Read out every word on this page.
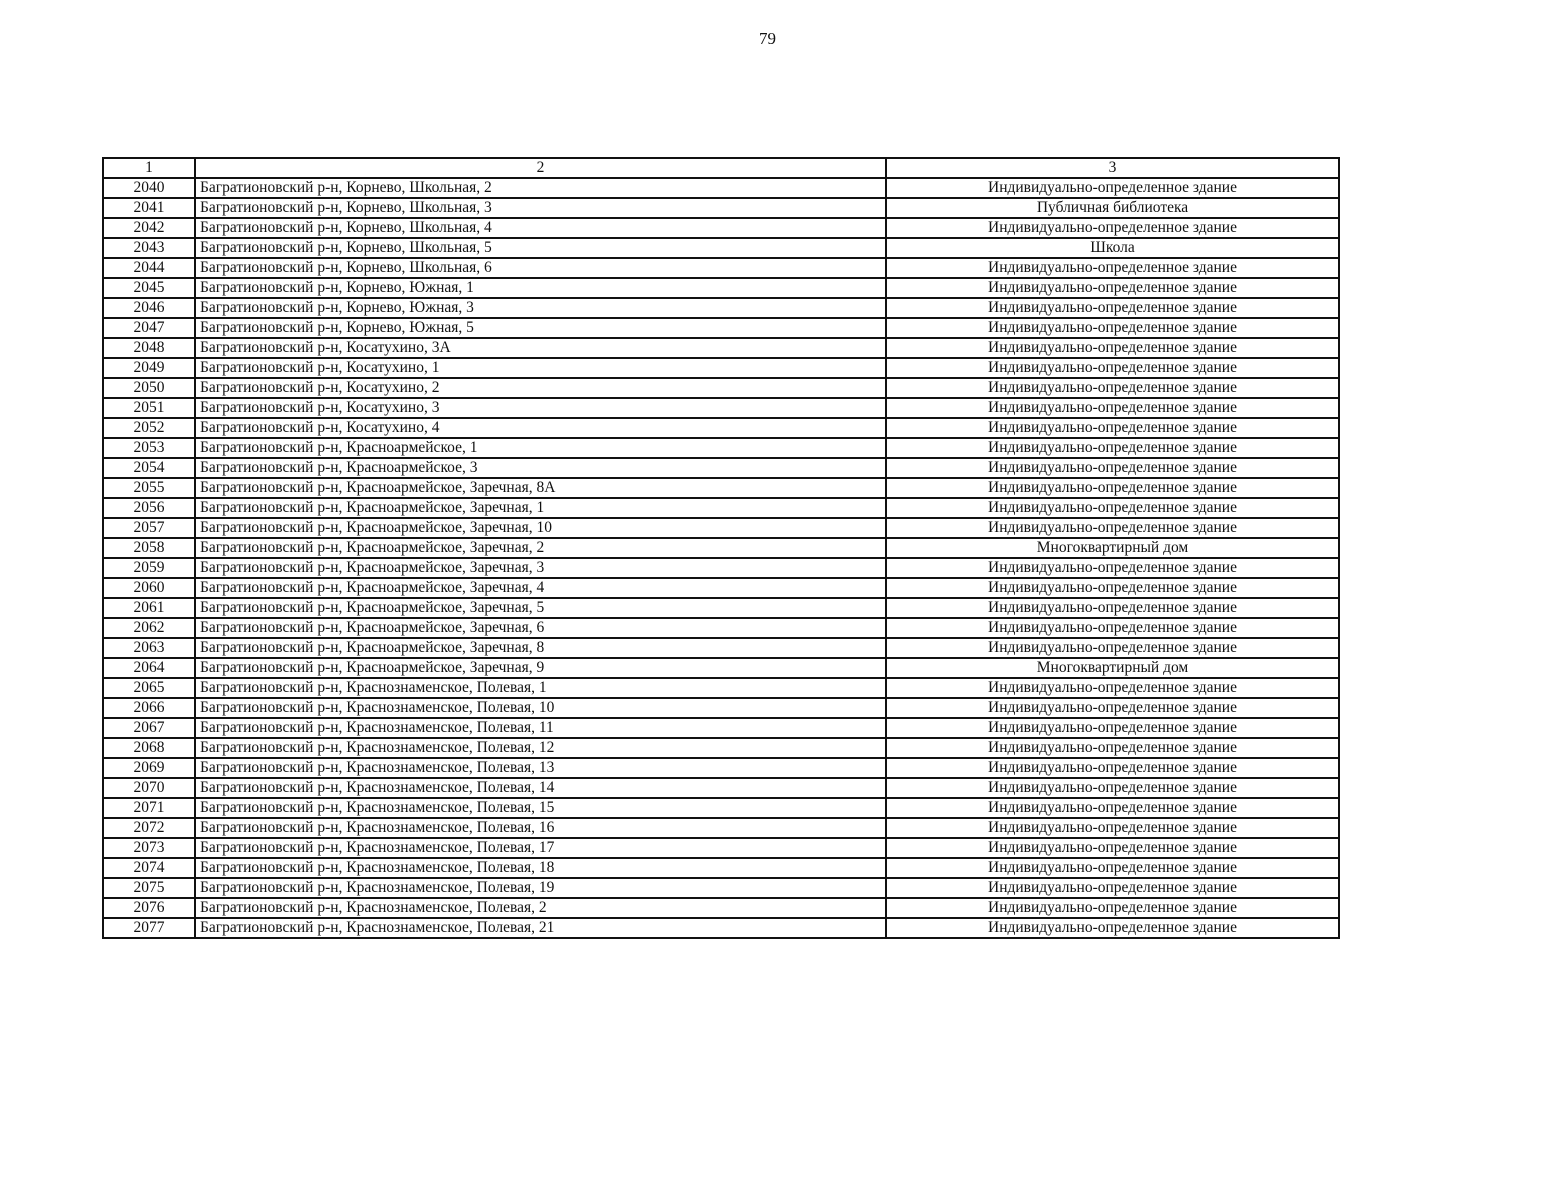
79
1	2	3
2040	Багратионовский р-н, Корнево, Школьная, 2	Индивидуально-определенное здание
2041	Багратионовский р-н, Корнево, Школьная, 3	Публичная библиотека
2042	Багратионовский р-н, Корнево, Школьная, 4	Индивидуально-определенное здание
2043	Багратионовский р-н, Корнево, Школьная, 5	Школа
2044	Багратионовский р-н, Корнево, Школьная, 6	Индивидуально-определенное здание
2045	Багратионовский р-н, Корнево, Южная, 1	Индивидуально-определенное здание
2046	Багратионовский р-н, Корнево, Южная, 3	Индивидуально-определенное здание
2047	Багратионовский р-н, Корнево, Южная, 5	Индивидуально-определенное здание
2048	Багратионовский р-н, Косатухино, 3А	Индивидуально-определенное здание
2049	Багратионовский р-н, Косатухино, 1	Индивидуально-определенное здание
2050	Багратионовский р-н, Косатухино, 2	Индивидуально-определенное здание
2051	Багратионовский р-н, Косатухино, 3	Индивидуально-определенное здание
2052	Багратионовский р-н, Косатухино, 4	Индивидуально-определенное здание
2053	Багратионовский р-н, Красноармейское, 1	Индивидуально-определенное здание
2054	Багратионовский р-н, Красноармейское, 3	Индивидуально-определенное здание
2055	Багратионовский р-н, Красноармейское, Заречная, 8А	Индивидуально-определенное здание
2056	Багратионовский р-н, Красноармейское, Заречная, 1	Индивидуально-определенное здание
2057	Багратионовский р-н, Красноармейское, Заречная, 10	Индивидуально-определенное здание
2058	Багратионовский р-н, Красноармейское, Заречная, 2	Многоквартирный дом
2059	Багратионовский р-н, Красноармейское, Заречная, 3	Индивидуально-определенное здание
2060	Багратионовский р-н, Красноармейское, Заречная, 4	Индивидуально-определенное здание
2061	Багратионовский р-н, Красноармейское, Заречная, 5	Индивидуально-определенное здание
2062	Багратионовский р-н, Красноармейское, Заречная, 6	Индивидуально-определенное здание
2063	Багратионовский р-н, Красноармейское, Заречная, 8	Индивидуально-определенное здание
2064	Багратионовский р-н, Красноармейское, Заречная, 9	Многоквартирный дом
2065	Багратионовский р-н, Краснознаменское, Полевая, 1	Индивидуально-определенное здание
2066	Багратионовский р-н, Краснознаменское, Полевая, 10	Индивидуально-определенное здание
2067	Багратионовский р-н, Краснознаменское, Полевая, 11	Индивидуально-определенное здание
2068	Багратионовский р-н, Краснознаменское, Полевая, 12	Индивидуально-определенное здание
2069	Багратионовский р-н, Краснознаменское, Полевая, 13	Индивидуально-определенное здание
2070	Багратионовский р-н, Краснознаменское, Полевая, 14	Индивидуально-определенное здание
2071	Багратионовский р-н, Краснознаменское, Полевая, 15	Индивидуально-определенное здание
2072	Багратионовский р-н, Краснознаменское, Полевая, 16	Индивидуально-определенное здание
2073	Багратионовский р-н, Краснознаменское, Полевая, 17	Индивидуально-определенное здание
2074	Багратионовский р-н, Краснознаменское, Полевая, 18	Индивидуально-определенное здание
2075	Багратионовский р-н, Краснознаменское, Полевая, 19	Индивидуально-определенное здание
2076	Багратионовский р-н, Краснознаменское, Полевая, 2	Индивидуально-определенное здание
2077	Багратионовский р-н, Краснознаменское, Полевая, 21	Индивидуально-определенное здание
